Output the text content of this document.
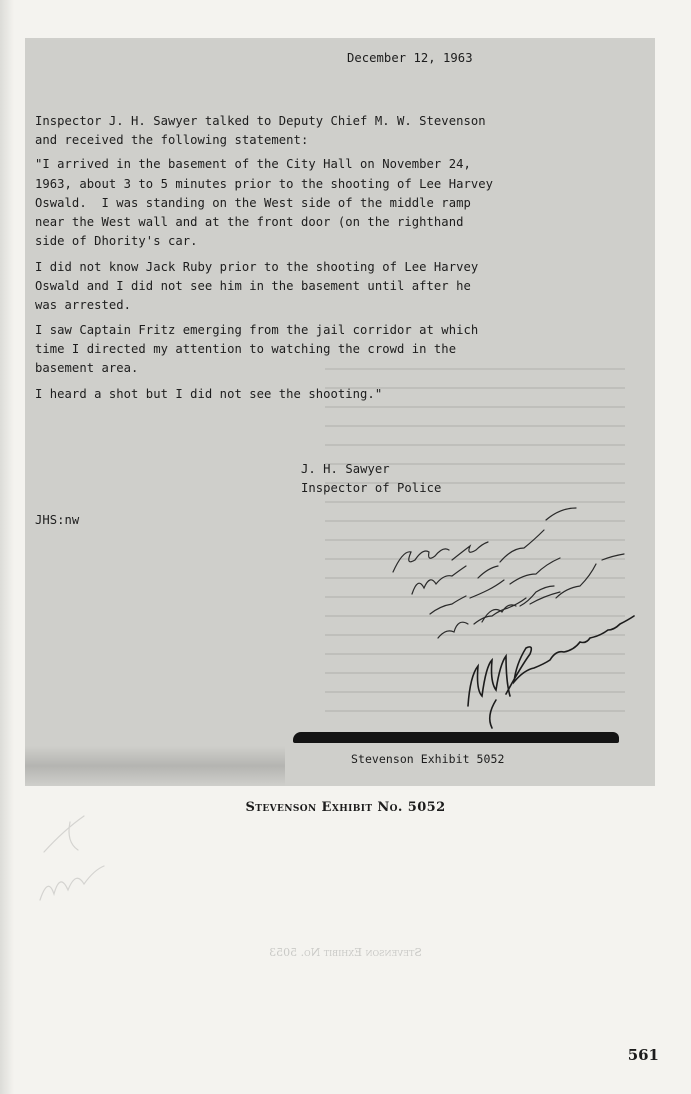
December 12, 1963
Inspector J. H. Sawyer talked to Deputy Chief M. W. Stevenson
and received the following statement:
"I arrived in the basement of the City Hall on November 24,
1963, about 3 to 5 minutes prior to the shooting of Lee Harvey
Oswald.  I was standing on the West side of the middle ramp
near the West wall and at the front door (on the righthand
side of Dhority's car.
I did not know Jack Ruby prior to the shooting of Lee Harvey
Oswald and I did not see him in the basement until after he
was arrested.
I saw Captain Fritz emerging from the jail corridor at which
time I directed my attention to watching the crowd in the
basement area.
I heard a shot but I did not see the shooting."
J. H. Sawyer
Inspector of Police
JHS:nw
Stevenson Exhibit 5052
Stevenson Exhibit No. 5052
Stevenson Exhibit No. 5053
561
